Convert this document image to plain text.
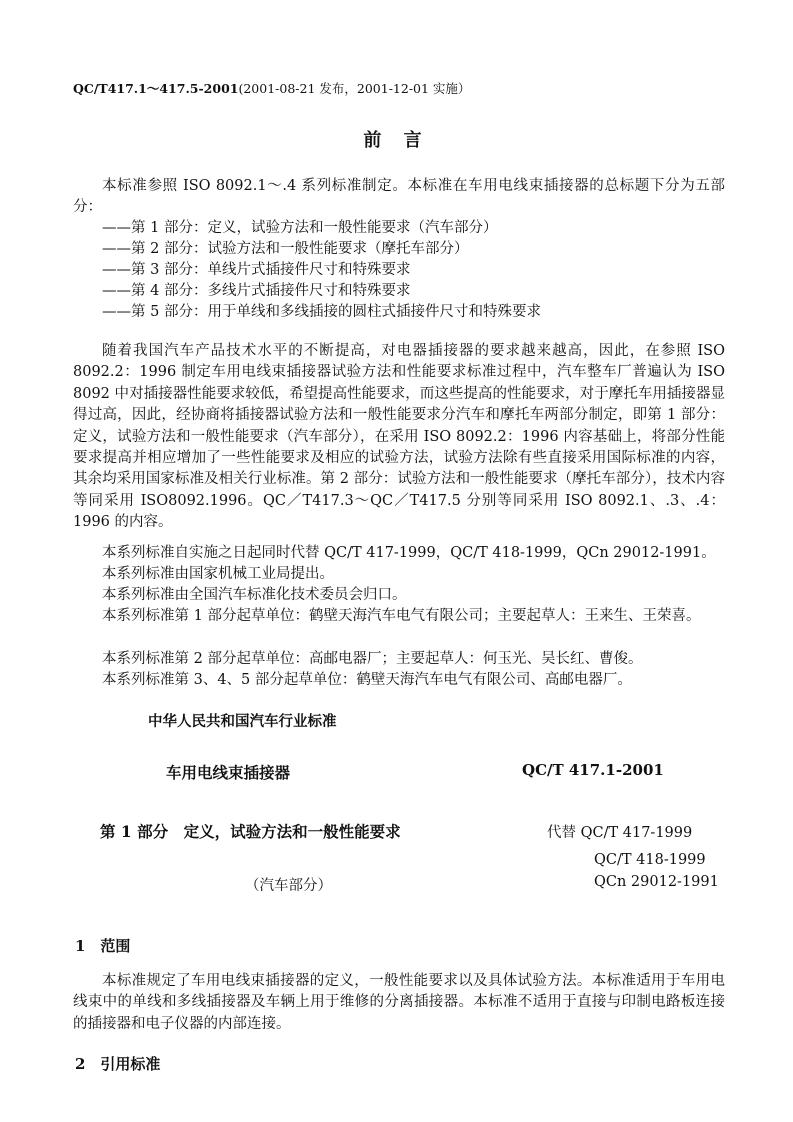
QC/T417.1～417.5-2001(2001-08-21 发布，2001-12-01 实施）
前 言
本标准参照 ISO 8092.1～.4 系列标准制定。本标准在车用电线束插接器的总标题下分为五部分：
——第 1 部分：定义，试验方法和一般性能要求（汽车部分）
——第 2 部分：试验方法和一般性能要求（摩托车部分）
——第 3 部分：单线片式插接件尺寸和特殊要求
——第 4 部分：多线片式插接件尺寸和特殊要求
——第 5 部分：用于单线和多线插接的圆柱式插接件尺寸和特殊要求
随着我国汽车产品技术水平的不断提高，对电器插接器的要求越来越高，因此，在参照 ISO 8092.2：1996 制定车用电线束插接器试验方法和性能要求标准过程中，汽车整车厂普遍认为 ISO 8092 中对插接器性能要求较低，希望提高性能要求，而这些提高的性能要求，对于摩托车用插接器显得过高，因此，经协商将插接器试验方法和一般性能要求分汽车和摩托车两部分制定，即第 1 部分：定义，试验方法和一般性能要求（汽车部分），在采用 ISO 8092.2：1996 内容基础上，将部分性能要求提高并相应增加了一些性能要求及相应的试验方法，试验方法除有些直接采用国际标准的内容，其余均采用国家标准及相关行业标准。第 2 部分：试验方法和一般性能要求（摩托车部分），技术内容等同采用 ISO8092.1996。QC／T417.3～QC／T417.5 分别等同采用 ISO 8092.1、.3、.4：1996 的内容。
本系列标准自实施之日起同时代替 QC/T 417-1999，QC/T 418-1999，QCn 29012-1991。
本系列标准由国家机械工业局提出。
本系列标准由全国汽车标准化技术委员会归口。
本系列标准第 1 部分起草单位：鹤壁天海汽车电气有限公司；主要起草人：王来生、王荣喜。
本系列标准第 2 部分起草单位：高邮电器厂；主要起草人：何玉光、吴长红、曹俊。
本系列标准第 3、4、5 部分起草单位：鹤壁天海汽车电气有限公司、高邮电器厂。
中华人民共和国汽车行业标准
车用电线束插接器	QC/T 417.1-2001
第 1 部分　定义，试验方法和一般性能要求	代替 QC/T 417-1999
QC/T 418-1999
（汽车部分）	QCn 29012-1991
1　范围
本标准规定了车用电线束插接器的定义，一般性能要求以及具体试验方法。本标准适用于车用电线束中的单线和多线插接器及车辆上用于维修的分离插接器。本标准不适用于直接与印制电路板连接的插接器和电子仪器的内部连接。
2　引用标准
